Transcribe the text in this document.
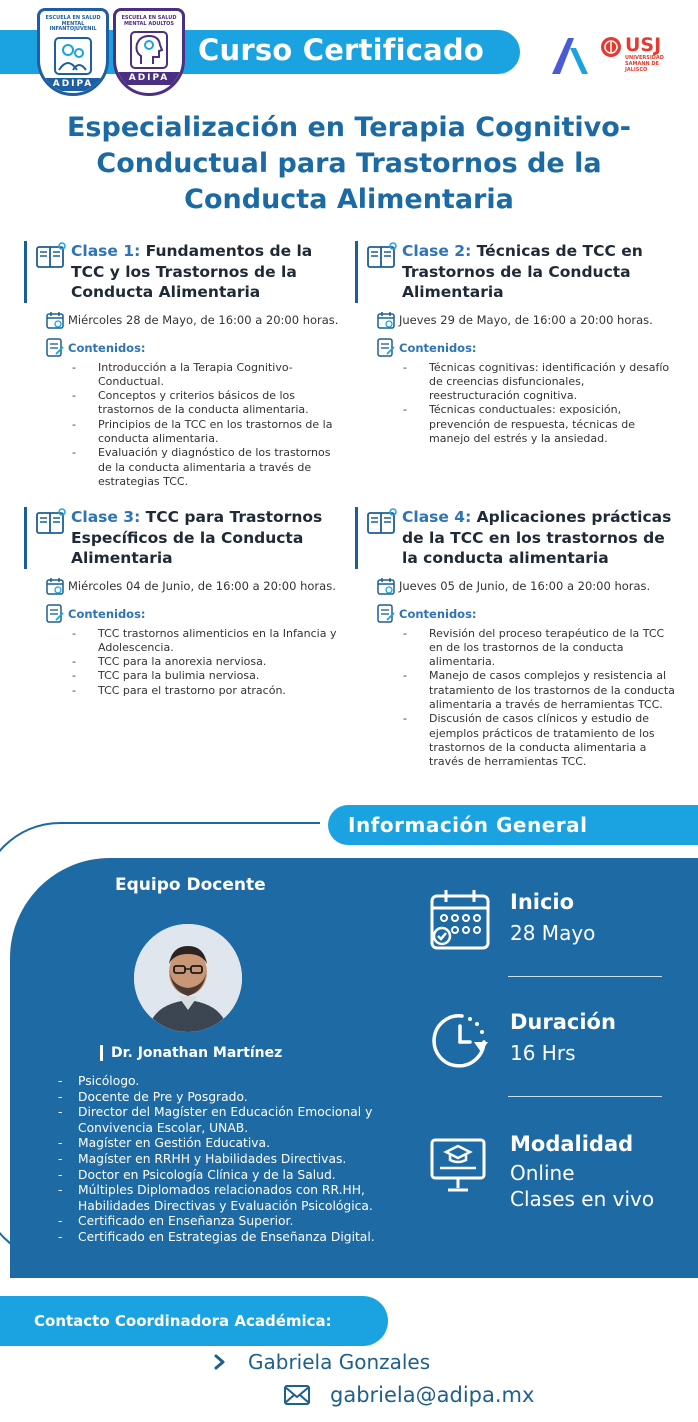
Curso Certificado
ESCUELA EN SALUD MENTAL INFANTOJUVENIL
ADIPA
ESCUELA EN SALUD MENTAL ADULTOS
ADIPA
USJ
UNIVERSIDAD
SAMANN DE
JALISCO
Especialización en Terapia Cognitivo-Conductual para Trastornos de la Conducta Alimentaria
Clase 1: Fundamentos de la TCC y los Trastornos de la Conducta Alimentaria
Miércoles 28 de Mayo, de 16:00 a 20:00 horas.
Contenidos:
- Introducción a la Terapia Cognitivo-Conductual.
- Conceptos y criterios básicos de los trastornos de la conducta alimentaria.
- Principios de la TCC en los trastornos de la conducta alimentaria.
- Evaluación y diagnóstico de los trastornos de la conducta alimentaria a través de estrategias TCC.
Clase 2: Técnicas de TCC en Trastornos de la Conducta Alimentaria
Jueves 29 de Mayo, de 16:00 a 20:00 horas.
Contenidos:
- Técnicas cognitivas: identificación y desafío de creencias disfuncionales, reestructuración cognitiva.
- Técnicas conductuales: exposición, prevención de respuesta, técnicas de manejo del estrés y la ansiedad.
Clase 3: TCC para Trastornos Específicos de la Conducta Alimentaria
Miércoles 04 de Junio, de 16:00 a 20:00 horas.
Contenidos:
- TCC trastornos alimenticios en la Infancia y Adolescencia.
- TCC para la anorexia nerviosa.
- TCC para la bulimia nerviosa.
- TCC para el trastorno por atracón.
Clase 4: Aplicaciones prácticas de la TCC en los trastornos de la conducta alimentaria
Jueves 05 de Junio, de 16:00 a 20:00 horas.
Contenidos:
- Revisión del proceso terapéutico de la TCC en de los trastornos de la conducta alimentaria.
- Manejo de casos complejos y resistencia al tratamiento de los trastornos de la conducta alimentaria a través de herramientas TCC.
- Discusión de casos clínicos y estudio de ejemplos prácticos de tratamiento de los trastornos de la conducta alimentaria a través de herramientas TCC.
Información General
Equipo Docente
Dr. Jonathan Martínez
- Psicólogo.
- Docente de Pre y Posgrado.
- Director del Magíster en Educación Emocional y Convivencia Escolar, UNAB.
- Magíster en Gestión Educativa.
- Magíster en RRHH y Habilidades Directivas.
- Doctor en Psicología Clínica y de la Salud.
- Múltiples Diplomados relacionados con RR.HH, Habilidades Directivas y Evaluación Psicológica.
- Certificado en Enseñanza Superior.
- Certificado en Estrategias de Enseñanza Digital.
Inicio
28 Mayo
Duración
16 Hrs
Modalidad
Online
Clases en vivo
Contacto Coordinadora Académica:
Gabriela Gonzales
gabriela@adipa.mx
